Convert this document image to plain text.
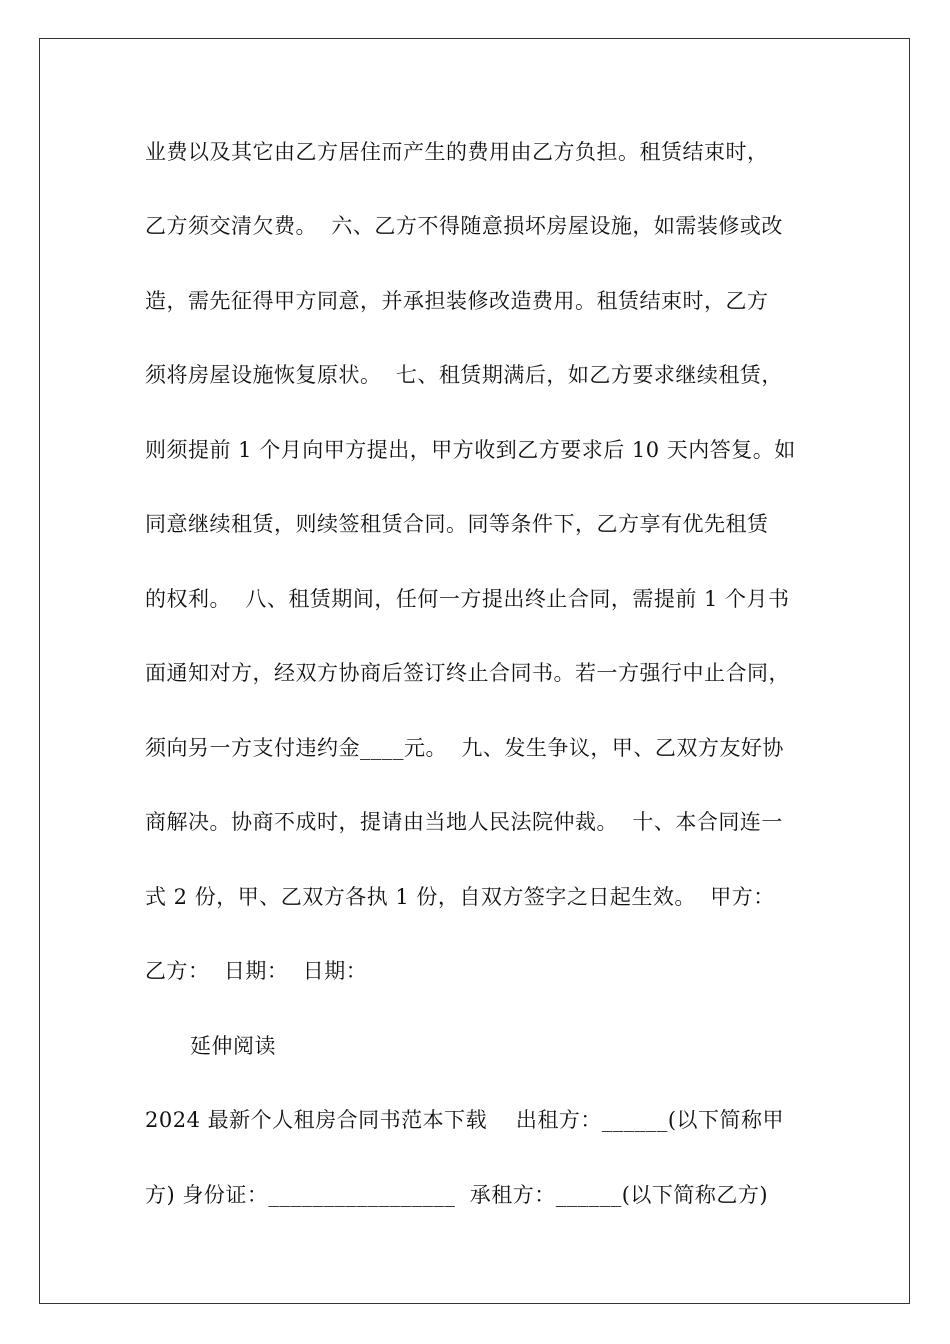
业费以及其它由乙方居住而产生的费用由乙方负担。租赁结束时，
乙方须交清欠费。  六、乙方不得随意损坏房屋设施，如需装修或改
造，需先征得甲方同意，并承担装修改造费用。租赁结束时，乙方
须将房屋设施恢复原状。  七、租赁期满后，如乙方要求继续租赁，
则须提前 1 个月向甲方提出，甲方收到乙方要求后 10 天内答复。如
同意继续租赁，则续签租赁合同。同等条件下，乙方享有优先租赁
的权利。  八、租赁期间，任何一方提出终止合同，需提前 1 个月书
面通知对方，经双方协商后签订终止合同书。若一方强行中止合同，
须向另一方支付违约金____元。  九、发生争议，甲、乙双方友好协
商解决。协商不成时，提请由当地人民法院仲裁。  十、本合同连一
式 2 份，甲、乙双方各执 1 份，自双方签字之日起生效。  甲方：
乙方：  日期：  日期：
延伸阅读
2024 最新个人租房合同书范本下载    出租方：______(以下简称甲
方) 身份证：_________________  承租方：______(以下简称乙方)
